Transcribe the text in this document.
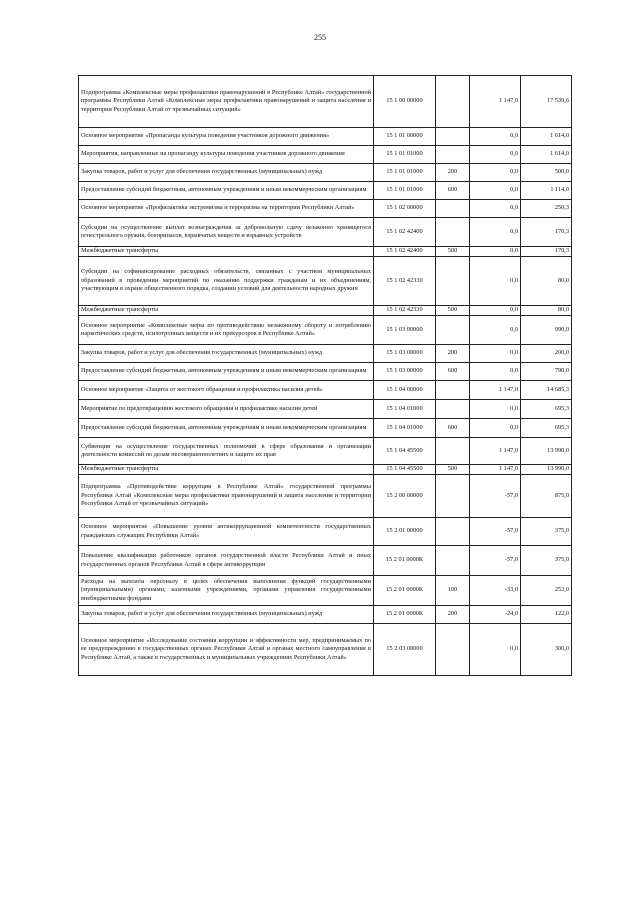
255
Подпрограмма «Комплексные меры профилактики правонарушений в Республике Алтай» государственной программы Республики Алтай «Комплексные меры профилактики правонарушений и защита населения и территории Республики Алтай от чрезвычайных ситуаций»	15 1 00 00000		1 147,0	17 539,6
Основное мероприятие «Пропаганда культуры поведения участников дорожного движения»	15 1 01 00000		0,0	1 614,0
Мероприятия, направленные на пропаганду культуры поведения участников дорожного движения	15 1 01 01000		0,0	1 614,0
Закупка товаров, работ и услуг для обеспечения государственных (муниципальных) нужд	15 1 01 01000	200	0,0	500,0
Предоставление субсидий бюджетным, автономным учреждениям и иным некоммерческим организациям	15 1 01 01000	600	0,0	1 114,0
Основное мероприятие «Профилактика экстремизма и терроризма на территории Республики Алтай»	15 1 02 00000		0,0	250,3
Субсидии на осуществление выплат вознаграждения за добровольную сдачу незаконно хранящегося огнестрельного оружия, боеприпасов, взрывчатых веществ и взрывных устройств	15 1 02 42400		0,0	170,3
Межбюджетные трансферты	15 1 02 42400	500	0,0	170,3
Субсидии на софинансирование расходных обязательств, связанных с участием муниципальных образований в проведении мероприятий по оказанию поддержки гражданам и их объединениям, участвующим в охране общественного порядка, создании условий для деятельности народных дружин	15 1 02 42330		0,0	80,0
Межбюджетные трансферты	15 1 02 42330	500	0,0	80,0
Основное мероприятие «Комплексные меры по противодействию незаконному обороту и потреблению наркотических средств, психотропных веществ и их прекурсоров в Республике Алтай»	15 1 03 00000		0,0	990,0
Закупка товаров, работ и услуг для обеспечения государственных (муниципальных) нужд	15 1 03 00000	200	0,0	200,0
Предоставление субсидий бюджетным, автономным учреждениям и иным некоммерческим организациям	15 1 03 00000	600	0,0	790,0
Основное мероприятие «Защита от жестокого обращения и профилактика насилия детей»	15 1 04 00000		1 147,0	14 685,3
Мероприятие по предотвращению жестокого обращения и профилактике насилия детей	15 1 04 01000		0,0	695,3
Предоставление субсидий бюджетным, автономным учреждениям и иным некоммерческим организациям	15 1 04 01000	600	0,0	695,3
Субвенции на осуществление государственных полномочий в сфере образования и организации деятельности комиссий по делам несовершеннолетних и защите их прав	15 1 04 45500		1 147,0	13 990,0
Межбюджетные трансферты	15 1 04 45500	500	1 147,0	13 990,0
Подпрограмма «Противодействие коррупции в Республике Алтай» государственной программы Республики Алтай «Комплексные меры профилактики правонарушений и защита населения и территории Республики Алтай от чрезвычайных ситуаций»	15 2 00 00000		-57,0	875,0
Основное мероприятие «Повышение уровня антикоррупционной компетентности государственных гражданских служащих Республики Алтай»	15 2 01 00000		-57,0	375,0
Повышение квалификации работников органов государственной власти Республики Алтай и иных государственных органов Республики Алтай в сфере антикоррупции	15 2 01 0000К		-57,0	375,0
Расходы на выплаты персоналу в целях обеспечения выполнения функций государственными (муниципальными) органами, казенными учреждениями, органами управления государственными внебюджетными фондами	15 2 01 0000К	100	-33,0	253,0
Закупка товаров, работ и услуг для обеспечения государственных (муниципальных) нужд	15 2 01 0000К	200	-24,0	122,0
Основное мероприятие «Исследование состояния коррупции и эффективности мер, предпринимаемых по ее предупреждению в государственных органах Республики Алтай и органах местного самоуправления в Республике Алтай, а также в государственных и муниципальных учреждениях Республики Алтай»	15 2 03 00000		0,0	300,0
